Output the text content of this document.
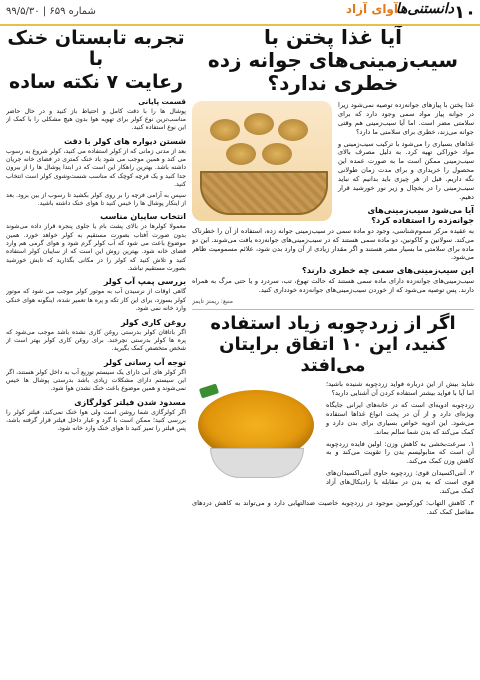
۱۰
دانستنی‌ها
آوای آزاد
۹۹/۵/۳۰ | شماره ۶۵۹
تجربه تابستان خنک با
رعایت ۷ نکته ساده
قسمت پایانی
پوشال ها را با دقت کامل و احتیاط باز کنید و در حال حاضر مناسب‌ترین نوع کولر برای تهویه هوا بدون هیچ مشکلی را با کمک از این نوع استفاده کنید.
شستن دیواره های کولر با دقت
بعد از مدتی زمانی که از کولر استفاده می کنید، کولر شروع به رسوب می کند و همین موجب می شود باد خنک کمتری در فضای خانه جریان داشته باشد. بهترین راهکار این است که در ابتدا پوشال ها را از بیرون جدا کنید و یک فرچه کوچک که مناسب شست‌وشوی کولر است انتخاب کنید.
سپس به آرامی فرچه را بر روی کولر بکشید تا رسوب از بین برود. بعد از اینکار پوشال ها را خیس کنید تا هوای خنک داشته باشید.
انتخاب سایبان مناسب
معمولا کولرها در بالای پشت بام یا جلوی پنجره قرار داده می‌شوند بدون صورت آفتاب بصورت مستقیم به کولر خواهد خورد. همین موضوع باعث می شود که آب کولر گرم شود و هوای گرمی هم وارد فضای خانه شود. بهترین روش این است که از سایبان کولر استفاده کنید و تلاش کنید که کولر را در مکانی بگذارید که تابش خورشید بصورت مستقیم نباشد.
بررسی پمپ آب کولر
گاهی اوقات از نرسیدن آب به موتور کولر موجب می شود که موتور کولر بسوزد، برای این کار تکه و پره ها تعمیر شده، اینگونه هوای خنکی وارد خانه نمی شود.
روغن کاری کولر
اگر باتاقان کولر بدرستی روغن کاری نشده باشد موجب می‌شود که پره ها کولر بدرستی نچرخند. برای روغن کاری کولر بهتر است از شخص متخصص کمک بگیرید.
توجه آب رسانی کولر
اگر کولر های آبی دارای یک سیستم توزیع آب به داخل کولر هستند، اگر این سیستم دارای مشکلات زیادی باشد بدرستی پوشال ها خیس نمی‌شوند و همین موضوع باعث خنک نشدن هوا شود.
مسدود شدن فیلتر کولرگازی
اگر کولرگازی شما روشن است ولی هوا خنک نمی‌کند، فیلتر کولر را بررسی کنید؛ ممکن است با گرد و غبار داخل فیلتر قرار گرفته باشد، پس فیلتر را تمیز کنید تا هوای خنک وارد خانه شود.
آیا غذا پختن با سیب‌زمینی‌های جوانه زده خطری ندارد؟
غذا پختن با پیازهای جوانه‌زده توصیه نمی‌شود زیرا در جوانه پیاز مواد سمی وجود دارد که برای سلامتی مضر است. اما آیا سیب‌زمینی هم وقتی جوانه می‌زند، خطری برای سلامتی ما دارد؟
غذاهای بسیاری را می‌شود با ترکیب سیب‌زمینی و مواد خوراکی تهیه کرد. به دلیل مصرف بالای سیب‌زمینی ممکن است ما به صورت عمده این محصول را خریداری و برای مدت زمان طولانی نگه داریم. قبل از هر چیزی باید بدانیم که نباید سیب‌زمینی را در یخچال و زیر نور خورشید قرار دهیم.
آیا می‌شود سیب‌زمینی‌های جوانه‌زده را استفاده کرد؟
به عقیده مرکز سموم‌شناسی، وجود دو ماده سمی در سیب‌زمینی جوانه زده، استفاده از آن را خطرناک می‌کند. سولانین و کاکونین، دو ماده سمی هستند که در سیب‌زمینی‌های جوانه‌زده یافت می‌شوند. این دو ماده برای سلامتی ما بسیار مضر هستند و اگر مقدار زیادی از آن وارد بدن شود، علائم مسمومیت ظاهر می‌شود.
این سیب‌زمینی‌های سمی چه خطری دارند؟
سیب‌زمینی‌های جوانه‌زده دارای ماده سمی هستند که حالت تهوع، تب، سردرد و یا حتی مرگ به همراه دارند. پس توصیه می‌شود که از خوردن سیب‌زمینی‌های جوانه‌زده خودداری کنید.
منبع: ریمنز تایمز
اگر از زردچوبه زیاد استفاده کنید، این ۱۰ اتفاق برایتان می‌افتد
شاید بیش از این درباره فواید زردچوبه شنیده باشید؛ اما آیا با فواید بیشتر استفاده کردن آن آشنایی دارید؟
زردچوبه ادویه‌ای است که در خانه‌های ایرانی جایگاه ویژه‌ای دارد و از آن در پخت انواع غذاها استفاده می‌شود. این ادویه خواص بسیاری برای بدن دارد و کمک می‌کند که بدن شما سالم بماند.
۱. سرعت‌بخشی به کاهش وزن: اولین فایده زردچوبه آن است که متابولیسم بدن را تقویت می‌کند و به کاهش وزن کمک می‌کند.
۲. آنتی‌اکسیدان قوی: زردچوبه حاوی آنتی‌اکسیدان‌های قوی است که به بدن در مقابله با رادیکال‌های آزاد کمک می‌کند.
۳. کاهش التهاب: کورکومین موجود در زردچوبه خاصیت ضدالتهابی دارد و می‌تواند به کاهش دردهای مفاصل کمک کند.
